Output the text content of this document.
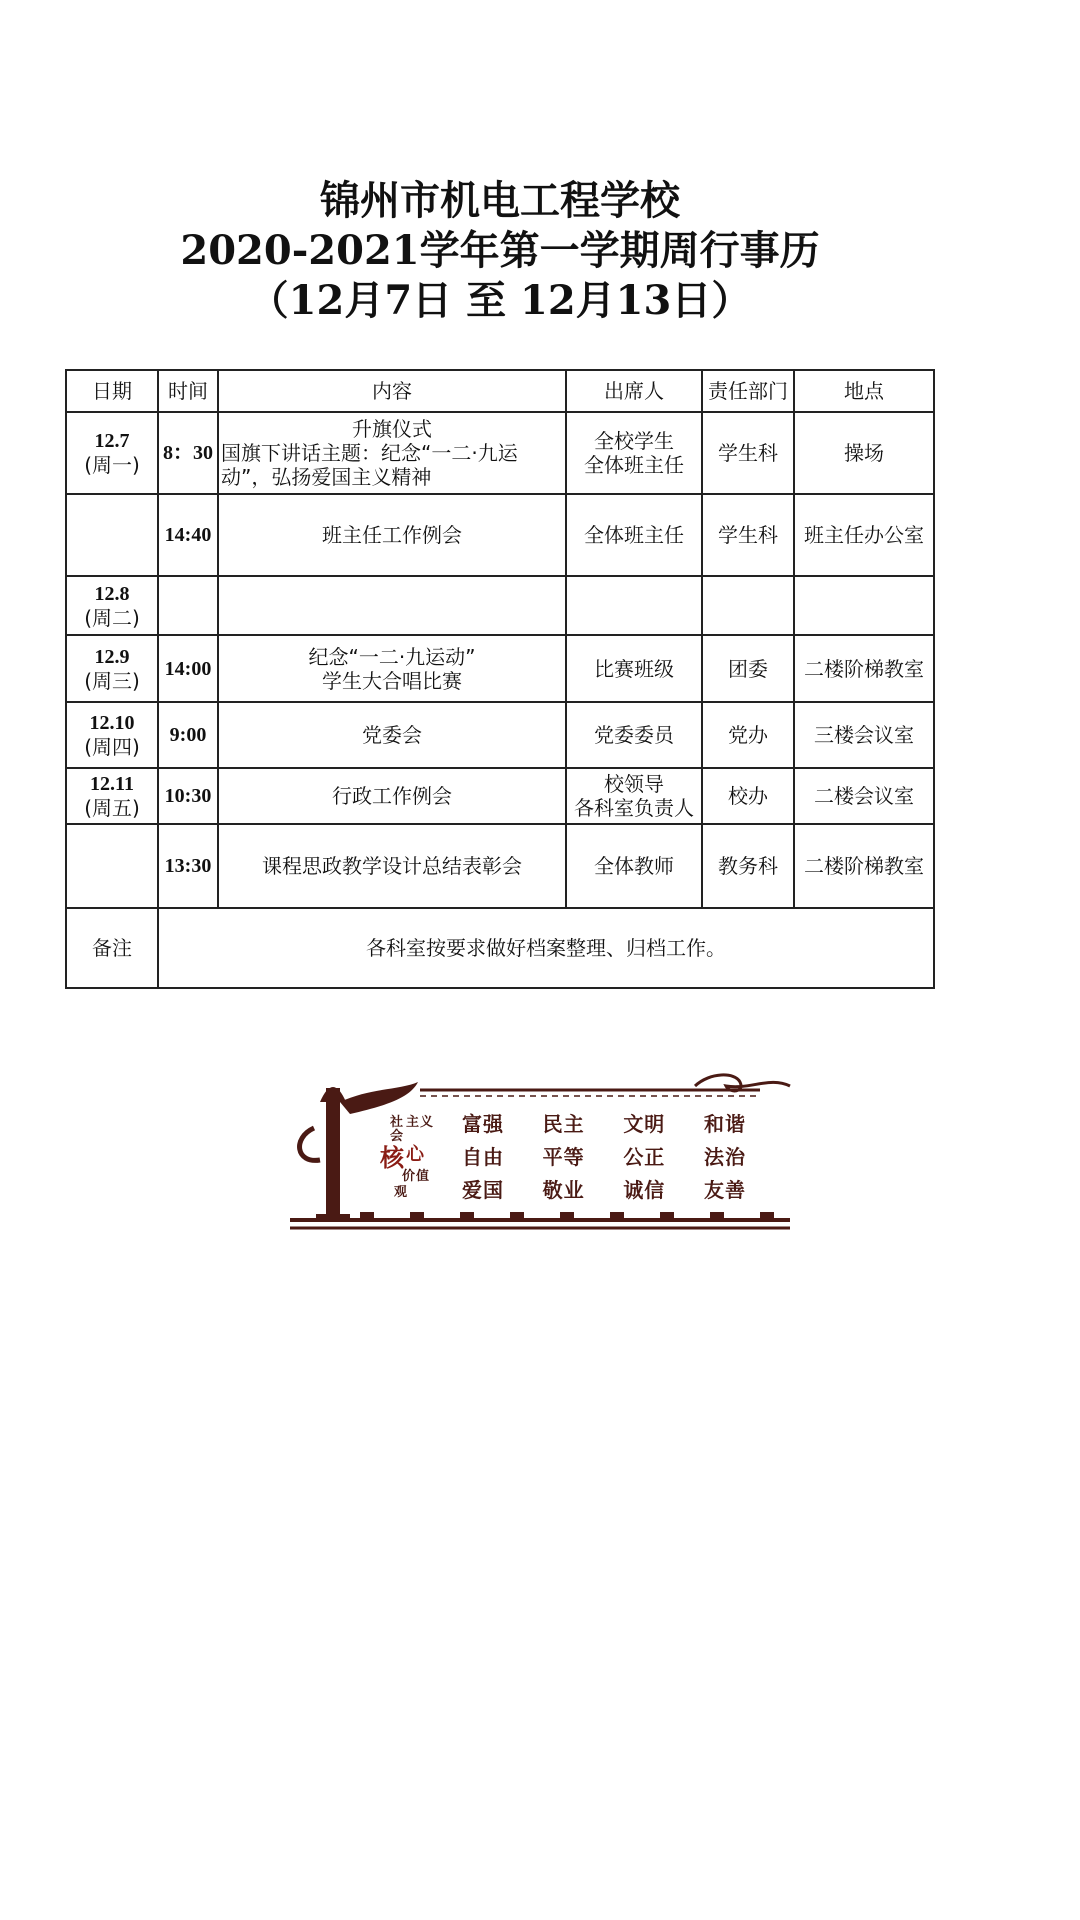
锦州市机电工程学校
2020-2021学年第一学期周行事历
（12月7日 至 12月13日）
日期	时间	内容	出席人	责任部门	地点

12.7
(周一)	8：30	升旗仪式
国旗下讲话主题：纪念“一二·九运
动”，弘扬爱国主义精神	全校学生
全体班主任	学生科	操场

	14:40	班主任工作例会	全体班主任	学生科	班主任办公室

12.8
(周二)					

12.9
(周三)	14:00	纪念“一二·九运动”
学生大合唱比赛	比赛班级	团委	二楼阶梯教室

12.10
(周四)	9:00	党委会	党委委员	党办	三楼会议室

12.11
(周五)	10:30	行政工作例会	校领导
各科室负责人	校办	二楼会议室

	13:30	课程思政教学设计总结表彰会	全体教师	教务科	二楼阶梯教室
备注	各科室按要求做好档案整理、归档工作。				
社
会
主 义
核 心
价 值
观
富强	民主	文明	和谐
自由	平等	公正	法治
爱国	敬业	诚信	友善
